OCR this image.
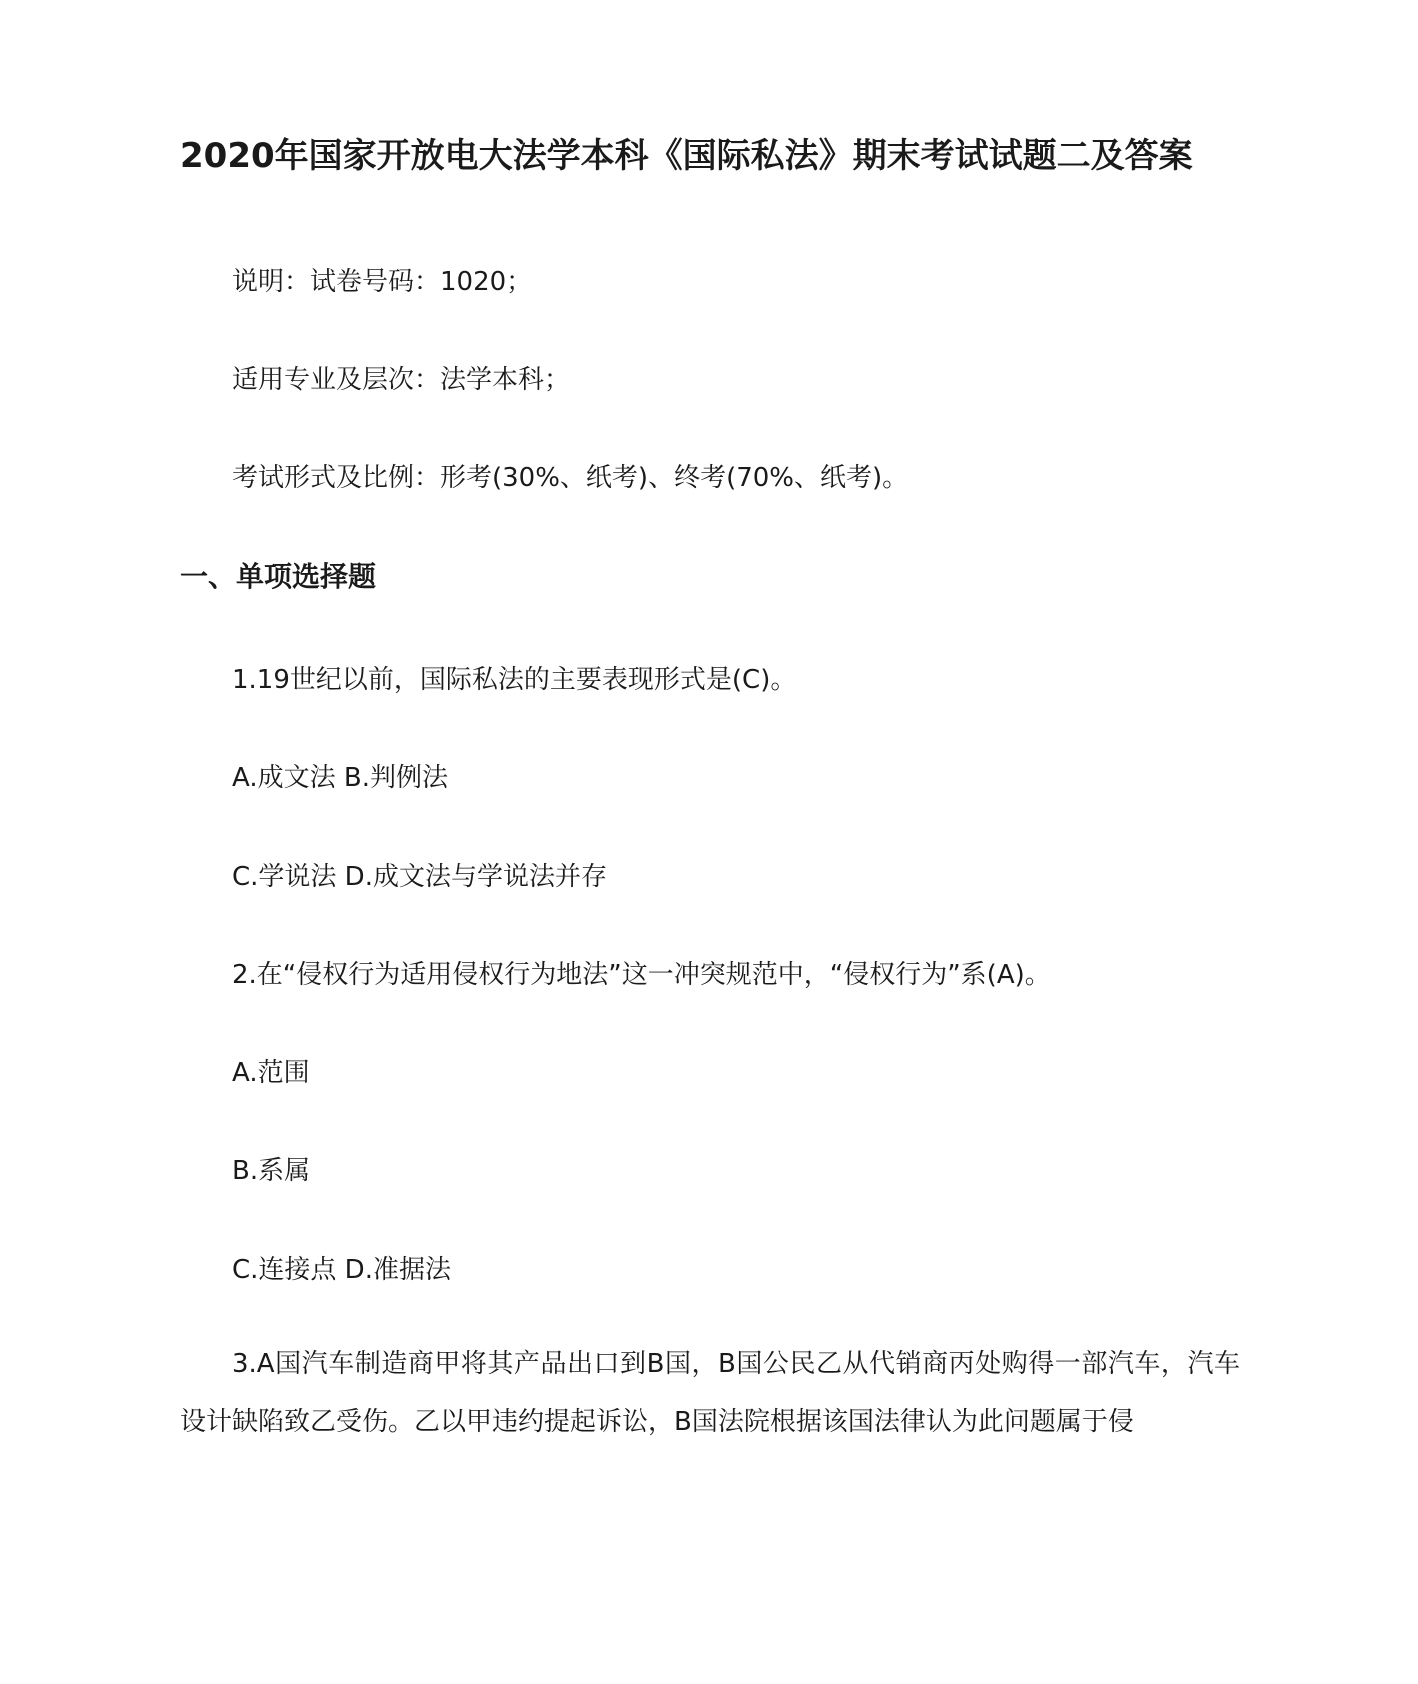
2020年国家开放电大法学本科《国际私法》期末考试试题二及答案
说明：试卷号码：1020；
适用专业及层次：法学本科；
考试形式及比例：形考(30%、纸考)、终考(70%、纸考)。
一、单项选择题
1.19世纪以前，国际私法的主要表现形式是(C)。
A.成文法 B.判例法
C.学说法 D.成文法与学说法并存
2.在“侵权行为适用侵权行为地法”这一冲突规范中，“侵权行为”系(A)。
A.范围
B.系属
C.连接点 D.准据法
3.A国汽车制造商甲将其产品出口到B国，B国公民乙从代销商丙处购得一部汽车，汽车设计缺陷致乙受伤。乙以甲违约提起诉讼，B国法院根据该国法律认为此问题属于侵
